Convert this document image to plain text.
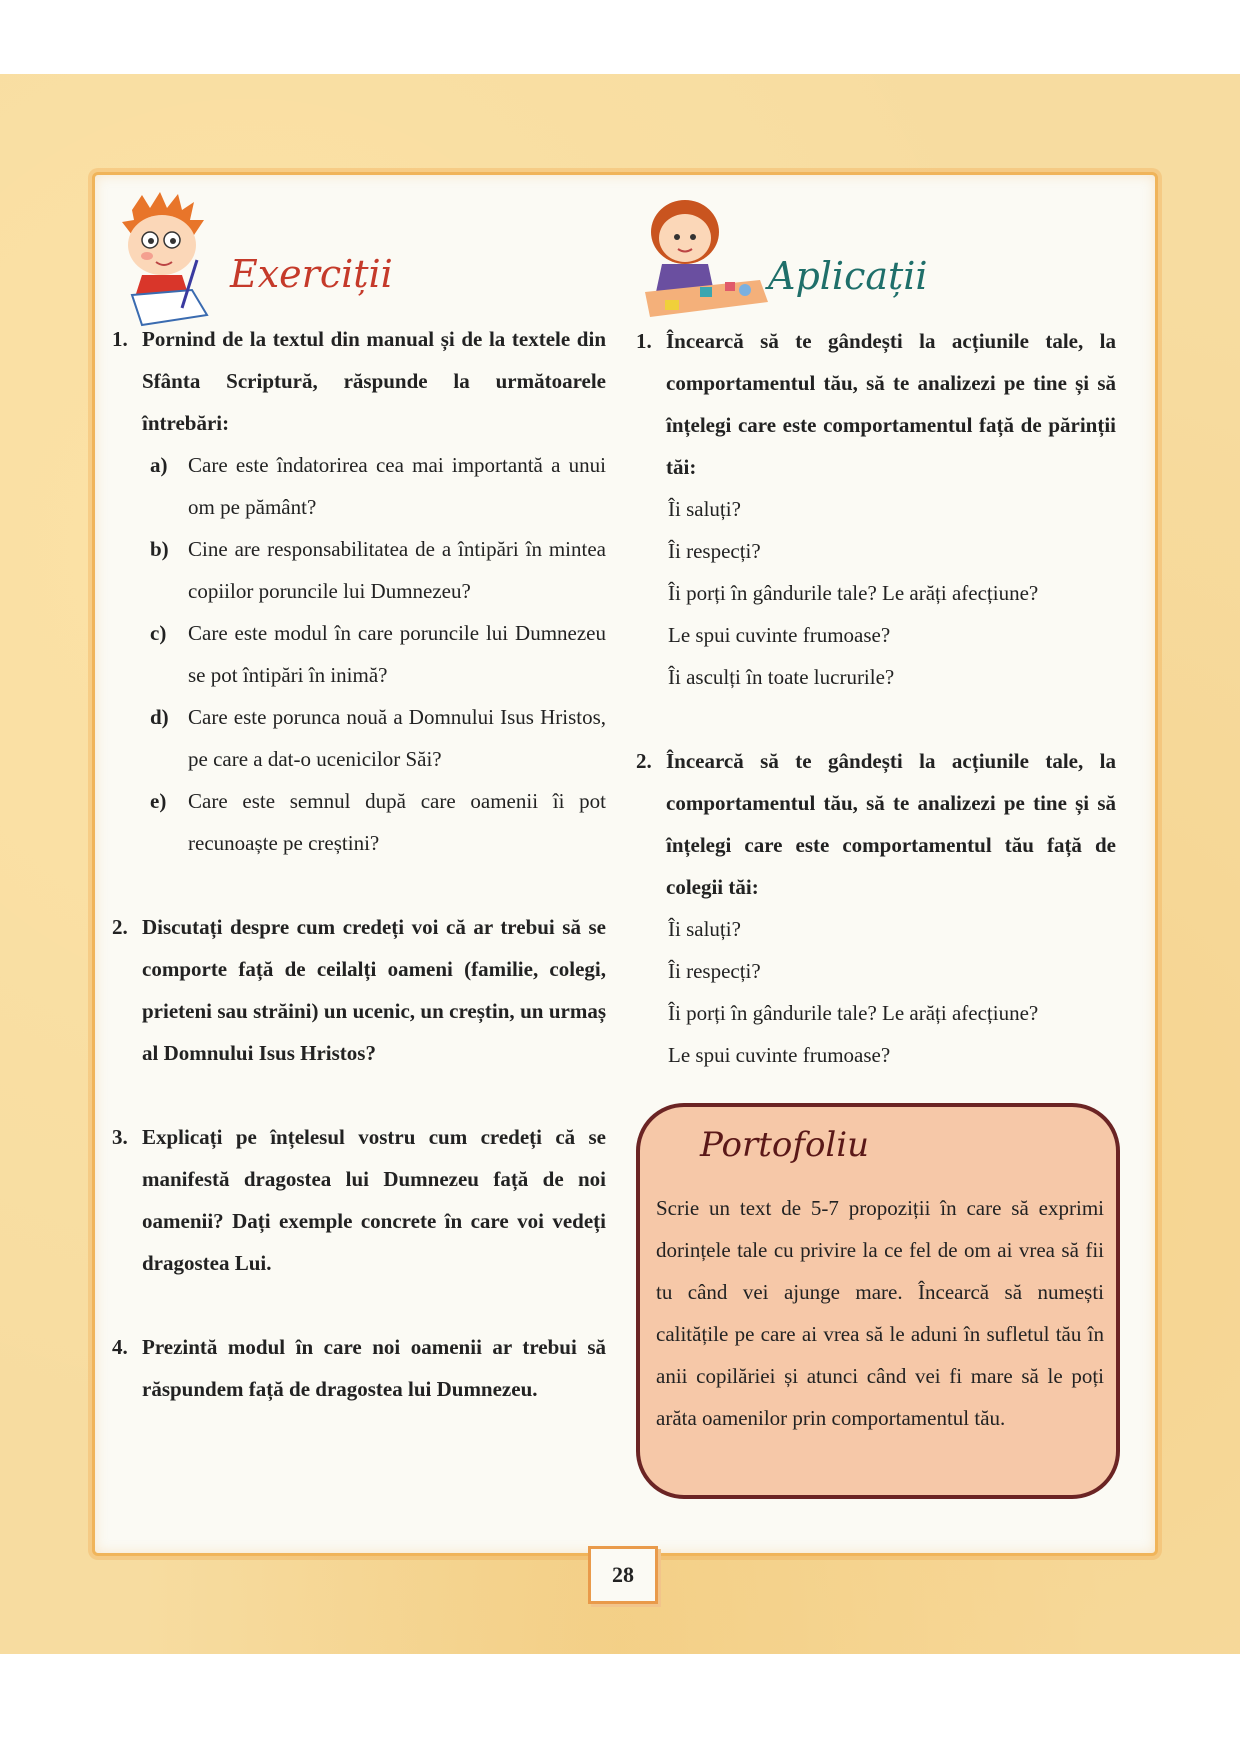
Exerciții	Aplicații
1. Pornind de la textul din manual și de la textele din Sfânta Scriptură, răspunde la următoarele întrebări:
a) Care este îndatorirea cea mai importantă a unui om pe pământ?
b) Cine are responsabilitatea de a întipări în mintea copiilor poruncile lui Dumnezeu?
c)	Care este modul în care poruncile lui Dumnezeu se pot întipări în inimă?
d) Care este porunca nouă a Domnului Isus Hristos, pe care a dat-o ucenicilor Săi?
e)	Care este semnul după care oamenii îi pot recunoaște pe creștini?
2. Discutați despre cum credeți voi că ar trebui să se comporte față de ceilalți oameni (familie, colegi, prieteni sau străini) un ucenic, un creștin, un urmaș al Domnului Isus Hristos?
3. Explicați pe înțelesul vostru cum credeți că se manifestă dragostea lui Dumnezeu față de noi oamenii? Dați exemple concrete în care voi vedeți dragostea Lui.
4. Prezintă modul în care noi oamenii ar trebui să răspundem față de dragostea lui Dumnezeu.
1. Încearcă să te gândești la acțiunile tale, la comportamentul tău, să te analizezi pe tine și să înțelegi care este comportamentul față de părinții tăi:
Îi saluți?
Îi respecți?
Îi porți în gândurile tale? Le arăți afecțiune?
Le spui cuvinte frumoase?
Îi asculți în toate lucrurile?
2. Încearcă să te gândești la acțiunile tale, la comportamentul tău, să te analizezi pe tine și să înțelegi care este comportamentul tău față de colegii tăi:
Îi saluți?
Îi respecți?
Îi porți în gândurile tale? Le arăți afecțiune?
Le spui cuvinte frumoase?
Portofoliu
Scrie un text de 5-7 propoziții în care să exprimi dorințele tale cu privire la ce fel de om ai vrea să fii tu când vei ajunge mare. Încearcă să numești calitățile pe care ai vrea să le aduni în sufletul tău în anii copilăriei și atunci când vei fi mare să le poți arăta oamenilor prin comportamentul tău.
28
